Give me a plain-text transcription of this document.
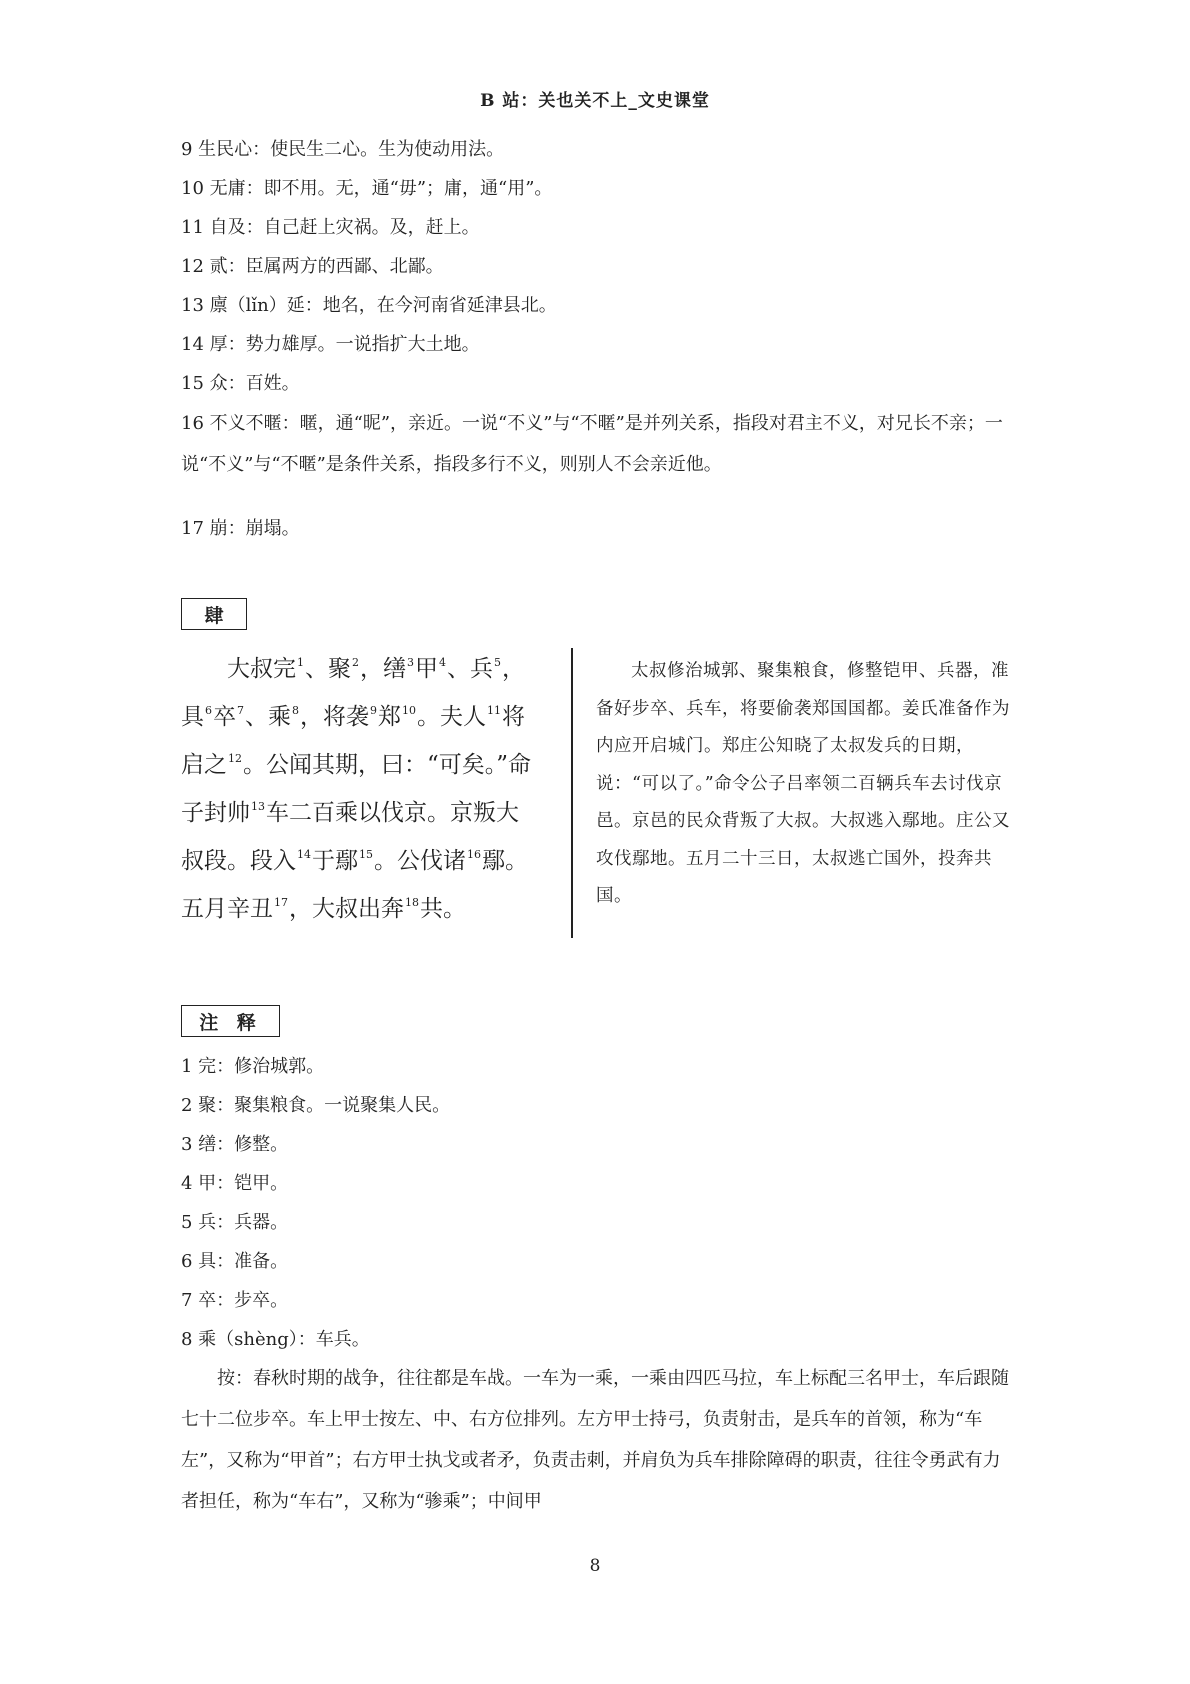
B 站：关也关不上_文史课堂
9 生民心：使民生二心。生为使动用法。
10 无庸：即不用。无，通“毋”；庸，通“用”。
11 自及：自己赶上灾祸。及，赶上。
12 贰：臣属两方的西鄙、北鄙。
13 廪（lǐn）延：地名，在今河南省延津县北。
14 厚：势力雄厚。一说指扩大土地。
15 众：百姓。
16 不义不暱：暱，通“昵”，亲近。一说“不义”与“不暱”是并列关系，指段对君主不义，对兄长不亲；一说“不义”与“不暱”是条件关系，指段多行不义，则别人不会亲近他。
17 崩：崩塌。
肆

大叔完$^1$、聚$^2$，缮$^3$甲$^4$、兵$^5$，具$^6$卒$^7$、乘$^8$，将袭$^9$郑$^{10}$。夫人$^{11}$将启之$^{12}$。公闻其期，曰：“可矣。”命子封帅$^{13}$车二百乘以伐京。京叛大叔段。段入$^{14}$于鄢$^{15}$。公伐诸$^{16}$鄢。五月辛丑$^{17}$，大叔出奔$^{18}$共。

太叔修治城郭、聚集粮食，修整铠甲、兵器，准备好步卒、兵车，将要偷袭郑国国都。姜氏准备作为内应开启城门。郑庄公知晓了太叔发兵的日期，说：“可以了。”命令公子吕率领二百辆兵车去讨伐京邑。京邑的民众背叛了大叔。大叔逃入鄢地。庄公又攻伐鄢地。五月二十三日，太叔逃亡国外，投奔共国。
注 释
1 完：修治城郭。
2 聚：聚集粮食。一说聚集人民。
3 缮：修整。
4 甲：铠甲。
5 兵：兵器。
6 具：准备。
7 卒：步卒。
8 乘（shèng）：车兵。
按：春秋时期的战争，往往都是车战。一车为一乘，一乘由四匹马拉，车上标配三名甲士，车后跟随七十二位步卒。车上甲士按左、中、右方位排列。左方甲士持弓，负责射击，是兵车的首领，称为“车左”，又称为“甲首”；右方甲士执戈或者矛，负责击刺，并肩负为兵车排除障碍的职责，往往令勇武有力者担任，称为“车右”，又称为“骖乘”；中间甲
8
